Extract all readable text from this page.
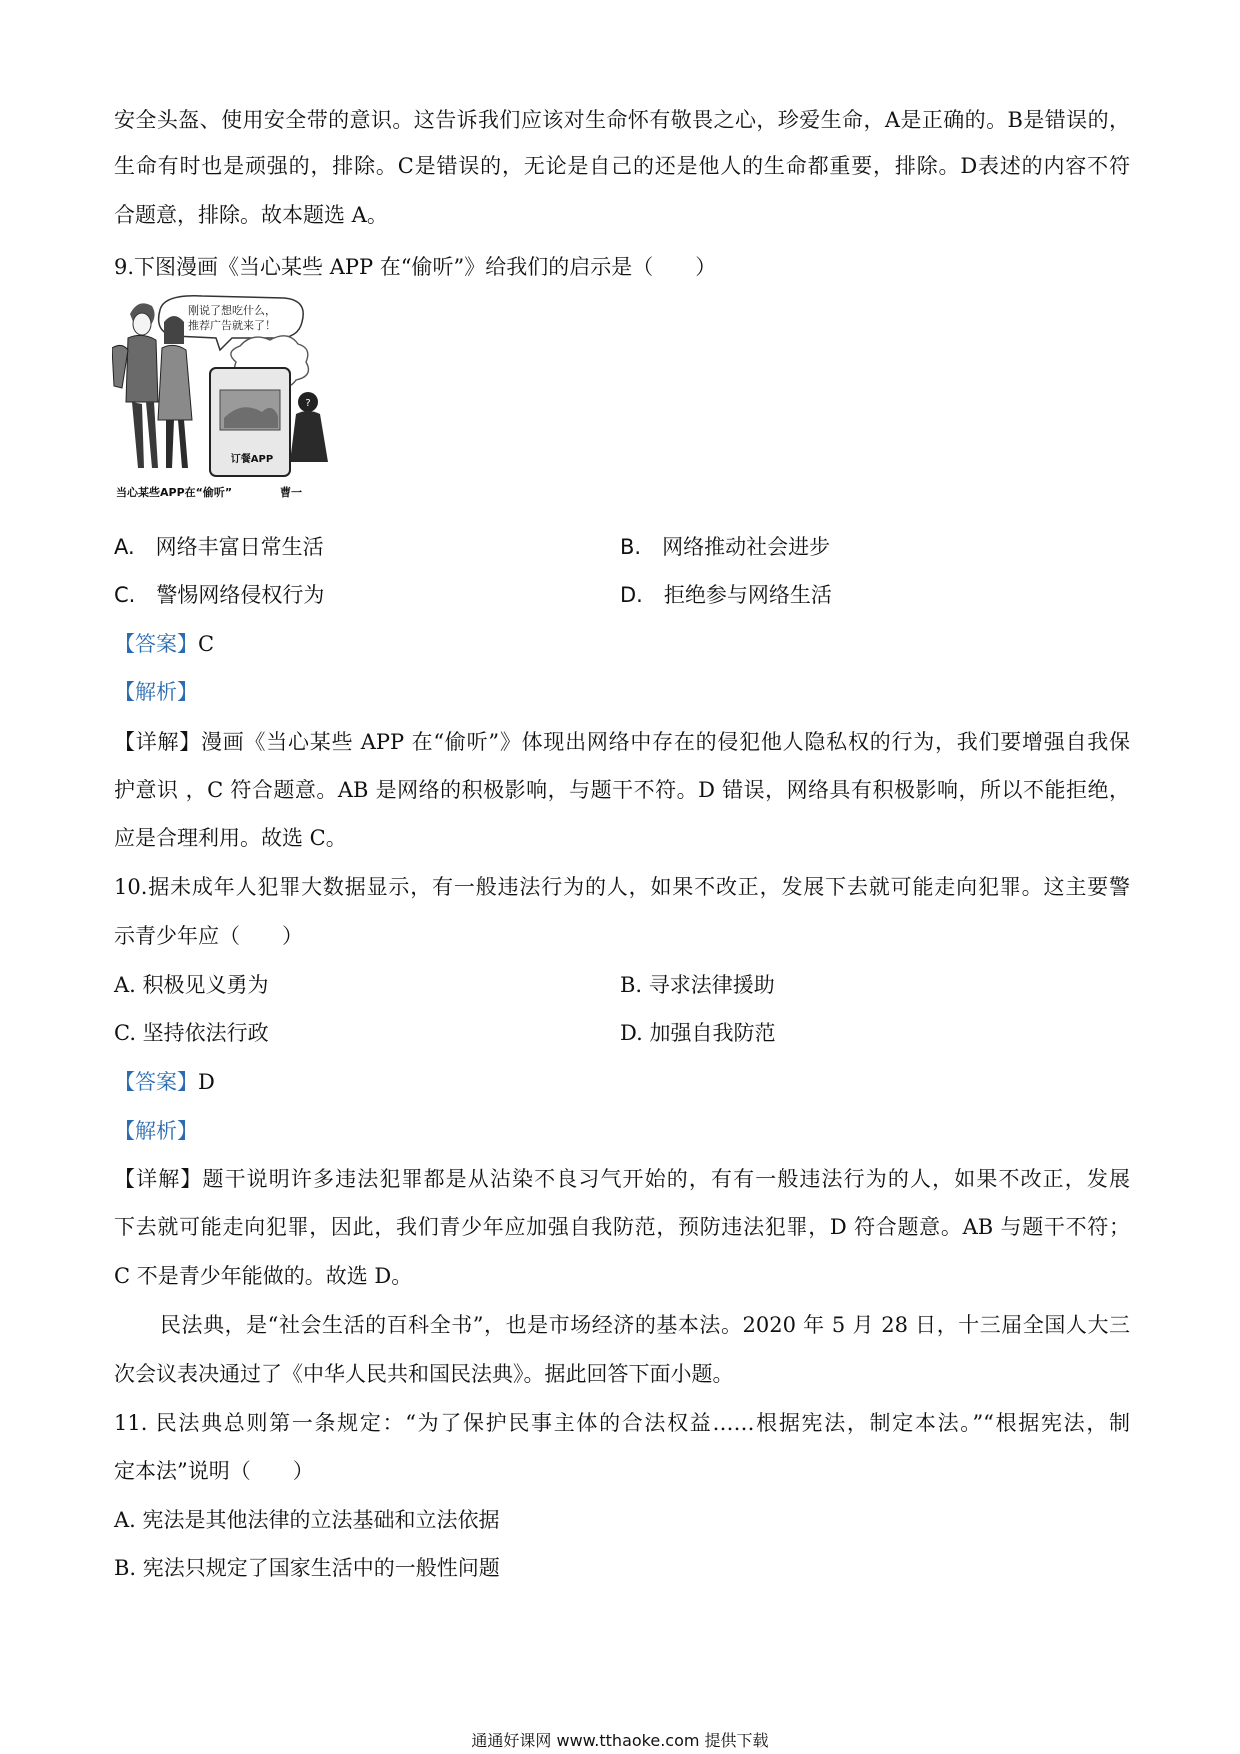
安全头盔、使用安全带的意识。这告诉我们应该对生命怀有敬畏之心，珍爱生命，A是正确的。B是错误的，
生命有时也是顽强的，排除。C是错误的，无论是自己的还是他人的生命都重要，排除。D表述的内容不符
合题意，排除。故本题选 A。
9.下图漫画《当心某些 APP 在“偷听”》给我们的启示是（　　）
刚说了想吃什么，
推荐广告就来了！
订餐APP
?
当心某些APP在“偷听”	曹一
A.　网络丰富日常生活	B.　网络推动社会进步
C.　警惕网络侵权行为	D.　拒绝参与网络生活
【答案】C
【解析】
【详解】漫画《当心某些 APP 在“偷听”》体现出网络中存在的侵犯他人隐私权的行为，我们要增强自我保
护意识 ，C 符合题意。AB 是网络的积极影响，与题干不符。D 错误，网络具有积极影响，所以不能拒绝，
应是合理利用。故选 C。
10.据未成年人犯罪大数据显示，有一般违法行为的人，如果不改正，发展下去就可能走向犯罪。这主要警
示青少年应（　　）
A. 积极见义勇为	B. 寻求法律援助
C. 坚持依法行政	D. 加强自我防范
【答案】D
【解析】
【详解】题干说明许多违法犯罪都是从沾染不良习气开始的，有有一般违法行为的人，如果不改正，发展
下去就可能走向犯罪，因此，我们青少年应加强自我防范，预防违法犯罪，D 符合题意。AB 与题干不符；
C 不是青少年能做的。故选 D。
民法典，是“社会生活的百科全书”，也是市场经济的基本法。2020 年 5 月 28 日，十三届全国人大三
次会议表决通过了《中华人民共和国民法典》。据此回答下面小题。
11. 民法典总则第一条规定：“为了保护民事主体的合法权益……根据宪法，制定本法。”“根据宪法，制
定本法”说明（　　）
A. 宪法是其他法律的立法基础和立法依据
B. 宪法只规定了国家生活中的一般性问题
通通好课网 www.tthaoke.com 提供下载
